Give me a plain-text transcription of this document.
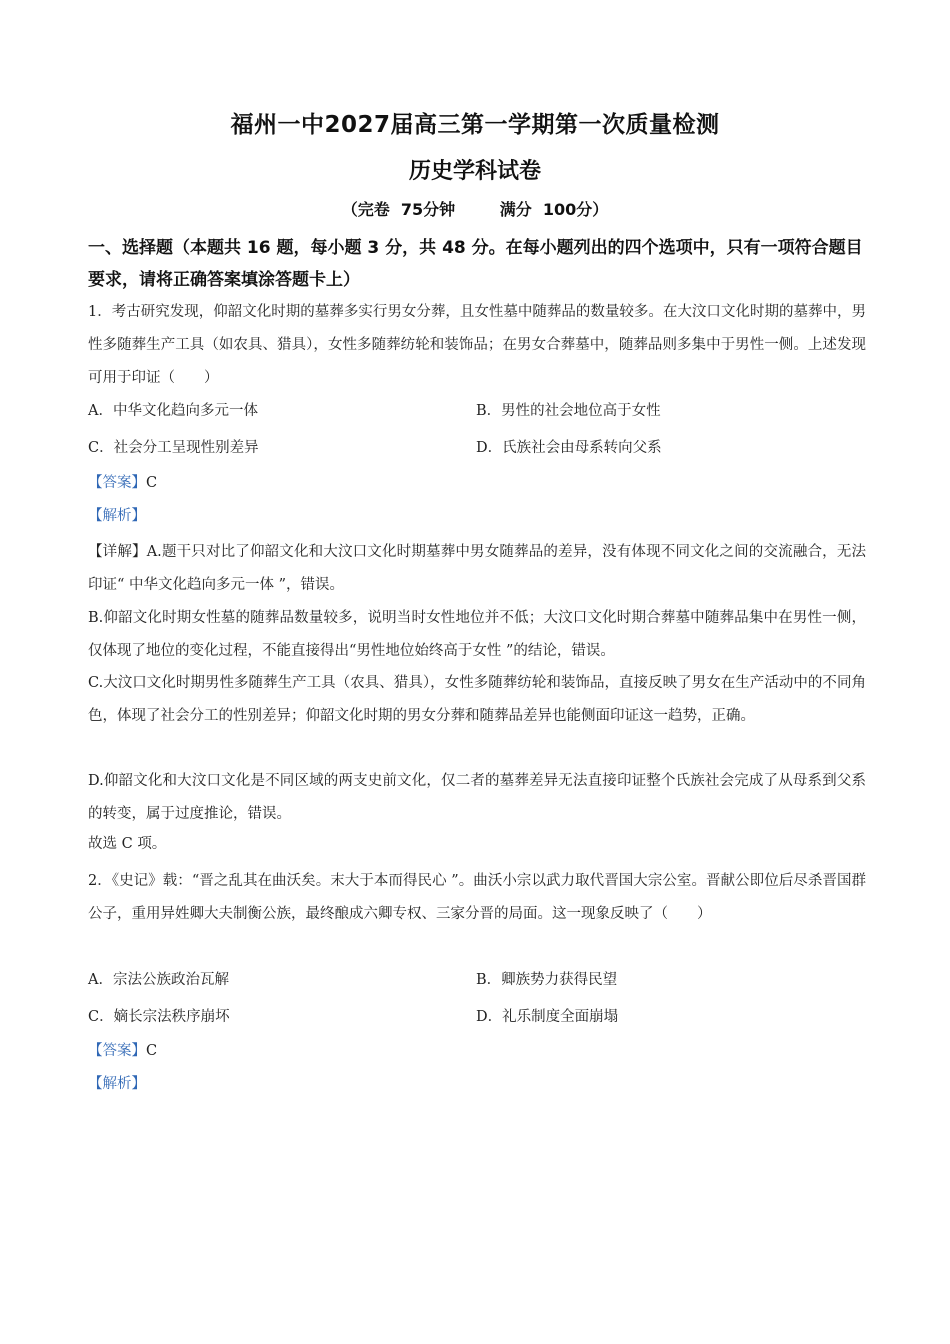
福州一中2027届高三第一学期第一次质量检测
历史学科试卷
（完卷  75分钟        满分  100分）
一、选择题（本题共 16 题，每小题 3 分，共 48 分。在每小题列出的四个选项中，只有一项符合题目要求，请将正确答案填涂答题卡上）
1．考古研究发现，仰韶文化时期的墓葬多实行男女分葬，且女性墓中随葬品的数量较多。在大汶口文化时期的墓葬中，男性多随葬生产工具（如农具、猎具），女性多随葬纺轮和装饰品；在男女合葬墓中，随葬品则多集中于男性一侧。上述发现可用于印证（　　）
A．中华文化趋向多元一体	B．男性的社会地位高于女性
C．社会分工呈现性别差异	D．氏族社会由母系转向父系
【答案】C
【解析】
【详解】A.题干只对比了仰韶文化和大汶口文化时期墓葬中男女随葬品的差异，没有体现不同文化之间的交流融合，无法印证“ 中华文化趋向多元一体 ”，错误。
B.仰韶文化时期女性墓的随葬品数量较多，说明当时女性地位并不低；大汶口文化时期合葬墓中随葬品集中在男性一侧，仅体现了地位的变化过程，不能直接得出“男性地位始终高于女性 ”的结论，错误。
C.大汶口文化时期男性多随葬生产工具（农具、猎具），女性多随葬纺轮和装饰品，直接反映了男女在生产活动中的不同角色，体现了社会分工的性别差异；仰韶文化时期的男女分葬和随葬品差异也能侧面印证这一趋势，正确。
D.仰韶文化和大汶口文化是不同区域的两支史前文化，仅二者的墓葬差异无法直接印证整个氏族社会完成了从母系到父系的转变，属于过度推论，错误。
故选 C 项。
2．《史记》载：“晋之乱其在曲沃矣。末大于本而得民心 ”。曲沃小宗以武力取代晋国大宗公室。晋献公即位后尽杀晋国群公子，重用异姓卿大夫制衡公族，最终酿成六卿专权、三家分晋的局面。这一现象反映了（　　）
A．宗法公族政治瓦解	B．卿族势力获得民望
C．嫡长宗法秩序崩坏	D．礼乐制度全面崩塌
【答案】C
【解析】
